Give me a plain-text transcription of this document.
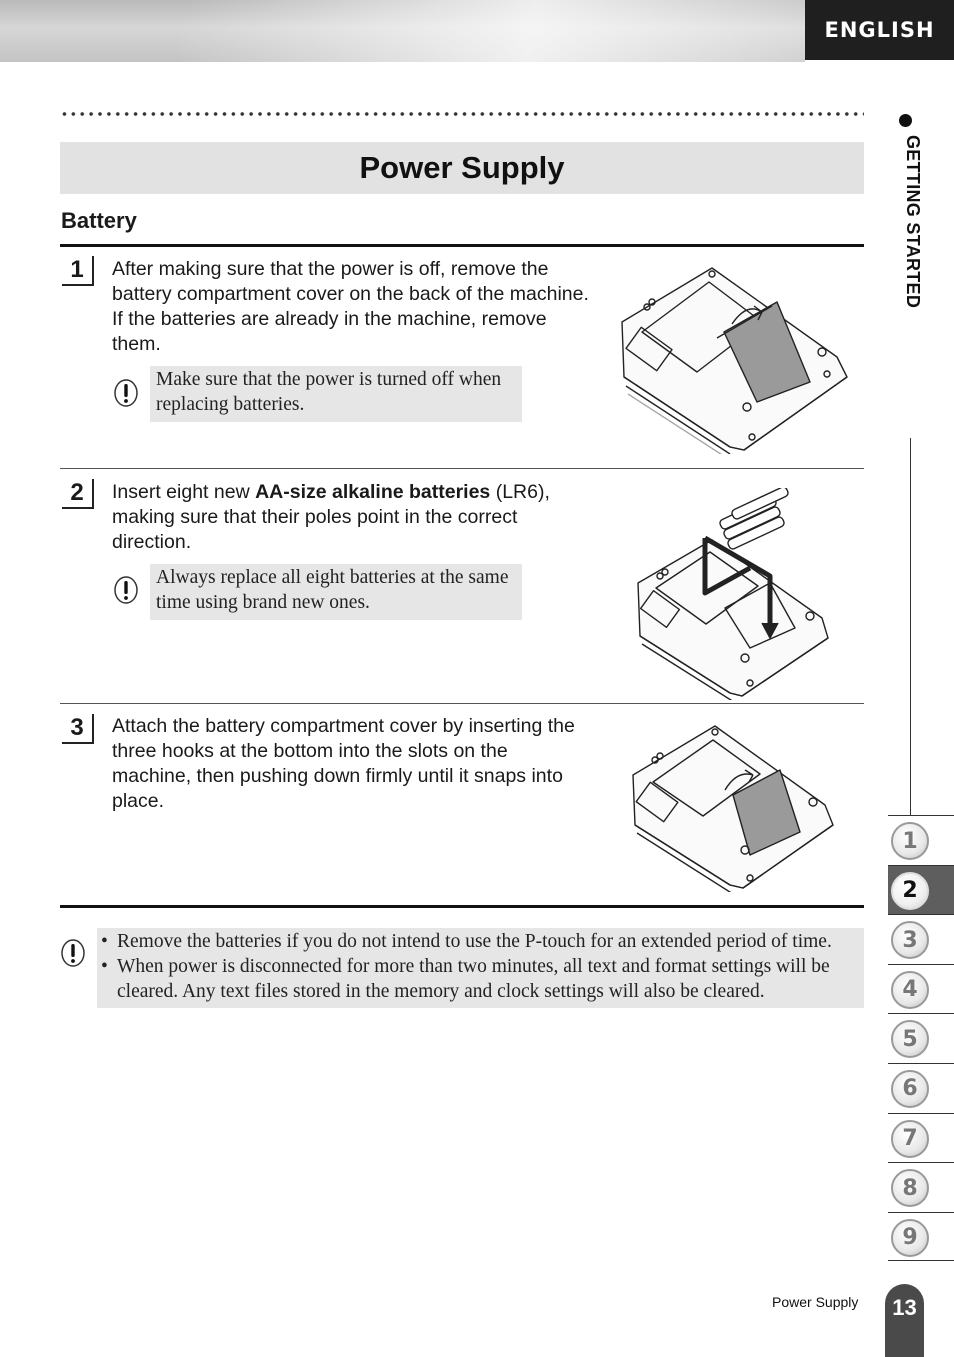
ENGLISH
Power Supply
Battery
1	After making sure that the power is off, remove the battery compartment cover on the back of the machine. If the batteries are already in the machine, remove them.
Make sure that the power is turned off when replacing batteries.
2	Insert eight new AA-size alkaline batteries (LR6), making sure that their poles point in the correct direction.
Always replace all eight batteries at the same time using brand new ones.
3	Attach the battery compartment cover by inserting the three hooks at the bottom into the slots on the machine, then pushing down firmly until it snaps into place.
• Remove the batteries if you do not intend to use the P-touch for an extended period of time.
• When power is disconnected for more than two minutes, all text and format settings will be cleared. Any text files stored in the memory and clock settings will also be cleared.
GETTING STARTED
1
2
3
4
5
6
7
8
9
Power Supply	13
